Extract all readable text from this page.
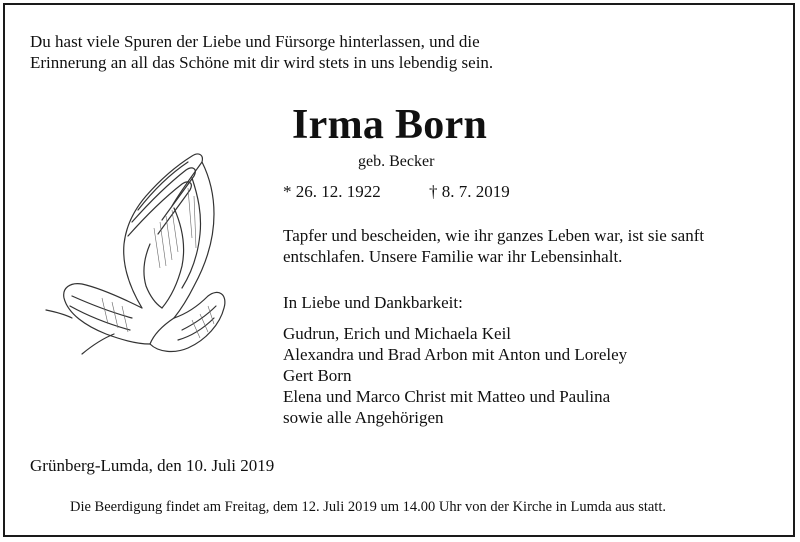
Du hast viele Spuren der Liebe und Fürsorge hinterlassen, und die
Erinnerung an all das Schöne mit dir wird stets in uns lebendig sein.
Irma Born
geb. Becker
* 26. 12. 1922	† 8. 7. 2019
Tapfer und bescheiden, wie ihr ganzes Leben war, ist sie sanft
entschlafen. Unsere Familie war ihr Lebensinhalt.
In Liebe und Dankbarkeit:
Gudrun, Erich und Michaela Keil
Alexandra und Brad Arbon mit Anton und Loreley
Gert Born
Elena und Marco Christ mit Matteo und Paulina
sowie alle Angehörigen
Grünberg-Lumda, den 10. Juli 2019
Die Beerdigung findet am Freitag, dem 12. Juli 2019 um 14.00 Uhr von der Kirche in Lumda aus statt.
